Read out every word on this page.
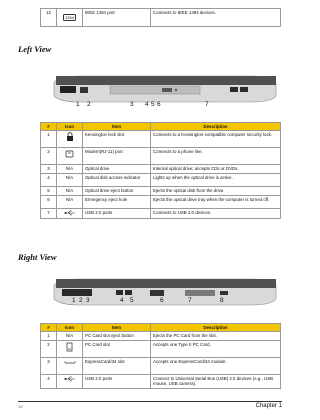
12	1394	IEEE 1394 port	Connects to IEEE 1394 devices.
Left View
1 2	3 4 5 6	7
#	Icon	Item	Description
1		Kensington lock slot	Connects to a Kensington-compatible computer security lock.
2		Modem(RJ-11) port	Connects to a phone line.
3	N/A	Optical drive	Internal optical drive; accepts CDs or DVDs.
4	N/A	Optical disk access indicator	Lights up when the optical drive is active.
5	N/A	Optical drive eject button	Ejects the optical disk from the drive.
6	N/A	Emergency eject hole	Ejects the optical drive tray when the computer is turned off.
7		USB 2.0 ports	Connects to USB 2.0 devices.
Right View
1 2 3	4 5	6	7	8
#	Icon	Item	Description
1	N/A	PC Card slot eject button	Ejects the PC Card from the slot.
2		PC Card slot	Accepts one Type II PC Card.
3		ExpressCard/34 slot	Accepts one ExpressCard/34 module.
4		USB 2.0 ports	Connect to Universal Serial Bus (USB) 2.0 devices (e.g., USB mouse, USB camera).
10	Chapter 1
